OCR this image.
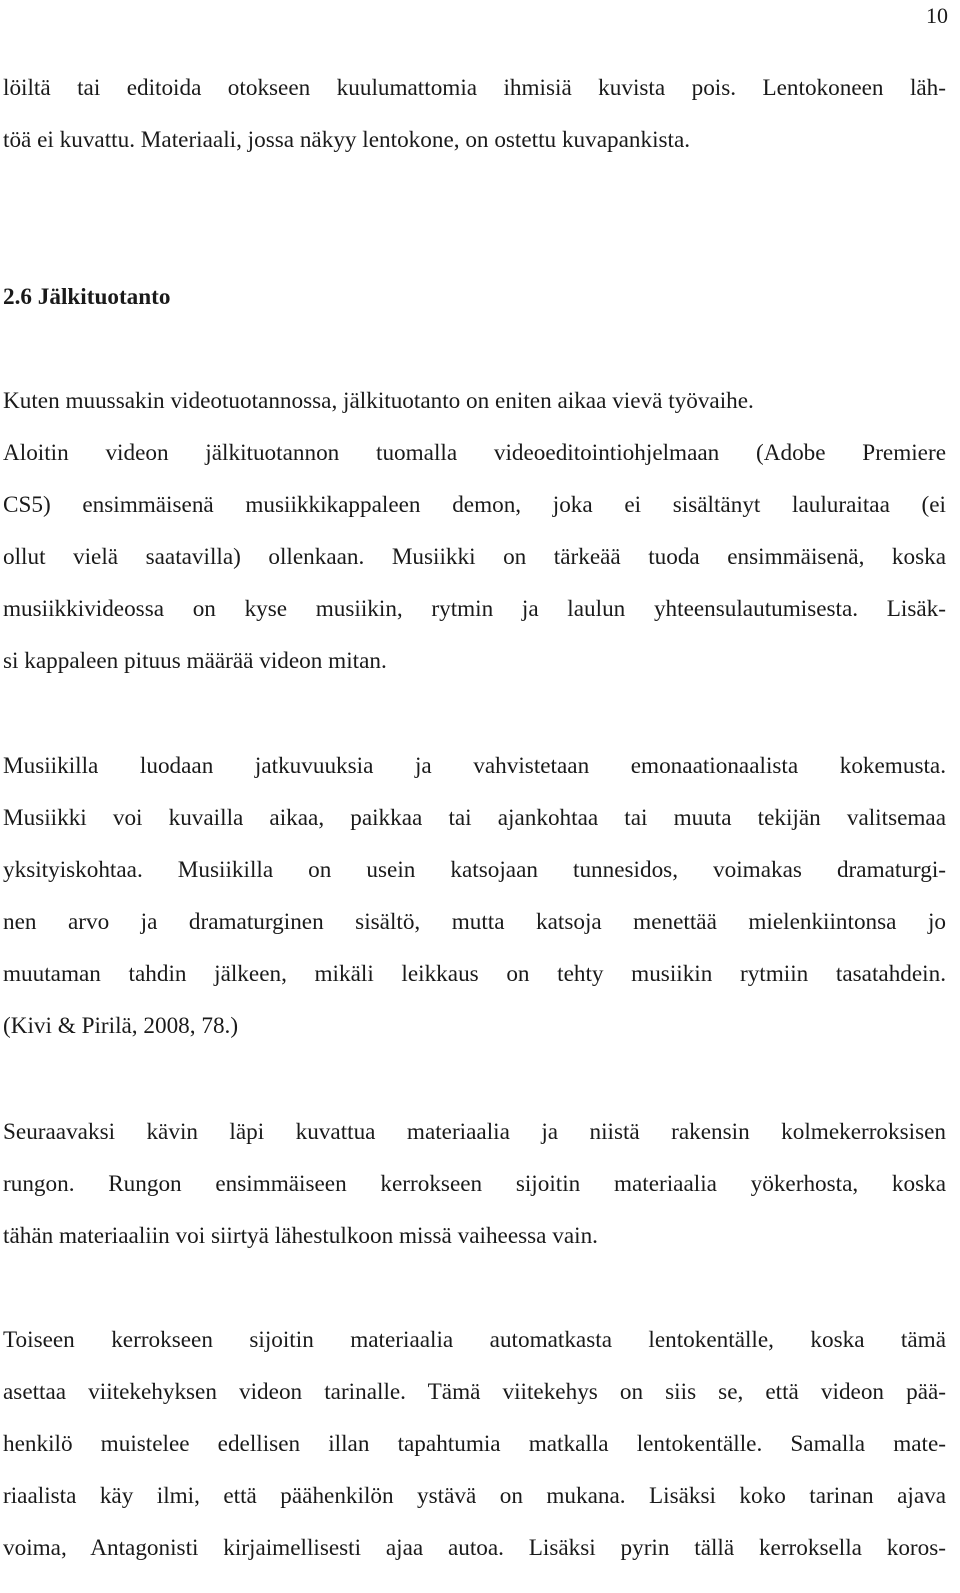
10
löiltä tai editoida otokseen kuulumattomia ihmisiä kuvista pois. Lentokoneen läh-
töä ei kuvattu. Materiaali, jossa näkyy lentokone, on ostettu kuvapankista.
2.6 Jälkituotanto
Kuten muussakin videotuotannossa, jälkituotanto on eniten aikaa vievä työvaihe.
Aloitin videon jälkituotannon tuomalla videoeditointiohjelmaan (Adobe Premiere
CS5) ensimmäisenä musiikkikappaleen demon, joka ei sisältänyt lauluraitaa (ei
ollut vielä saatavilla) ollenkaan. Musiikki on tärkeää tuoda ensimmäisenä, koska
musiikkivideossa on kyse musiikin, rytmin ja laulun yhteensulautumisesta. Lisäk-
si kappaleen pituus määrää videon mitan.
Musiikilla luodaan jatkuvuuksia ja vahvistetaan emonaationaalista kokemusta.
Musiikki voi kuvailla aikaa, paikkaa tai ajankohtaa tai muuta tekijän valitsemaa
yksityiskohtaa. Musiikilla on usein katsojaan tunnesidos, voimakas dramaturgi-
nen arvo ja dramaturginen sisältö, mutta katsoja menettää mielenkiintonsa jo
muutaman tahdin jälkeen, mikäli leikkaus on tehty musiikin rytmiin tasatahdein.
(Kivi & Pirilä, 2008, 78.)
Seuraavaksi kävin läpi kuvattua materiaalia ja niistä rakensin kolmekerroksisen
rungon. Rungon ensimmäiseen kerrokseen sijoitin materiaalia yökerhosta, koska
tähän materiaaliin voi siirtyä lähestulkoon missä vaiheessa vain.
Toiseen kerrokseen sijoitin materiaalia automatkasta lentokentälle, koska tämä
asettaa viitekehyksen videon tarinalle. Tämä viitekehys on siis se, että videon pää-
henkilö muistelee edellisen illan tapahtumia matkalla lentokentälle. Samalla mate-
riaalista käy ilmi, että päähenkilön ystävä on mukana. Lisäksi koko tarinan ajava
voima, Antagonisti kirjaimellisesti ajaa autoa. Lisäksi pyrin tällä kerroksella koros-
